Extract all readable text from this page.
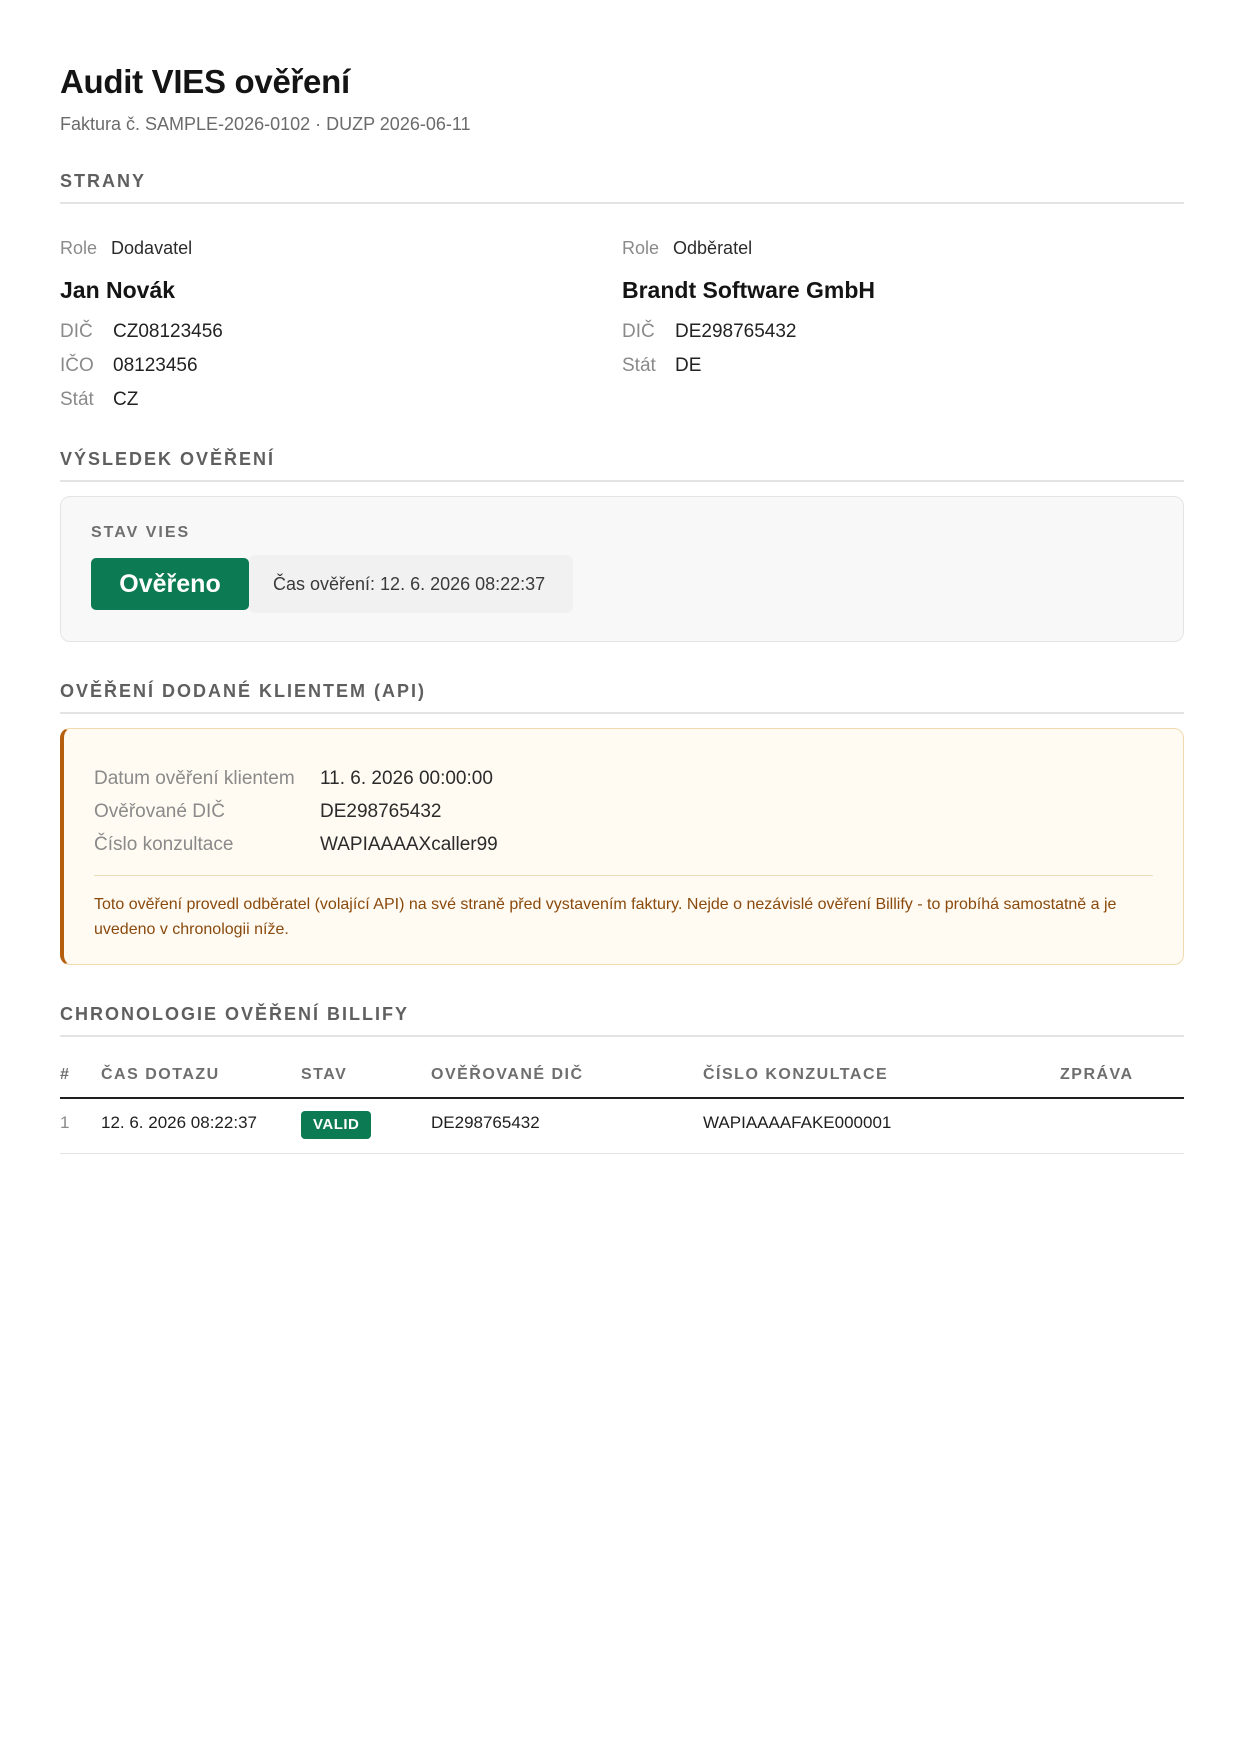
Audit VIES ověření
Faktura č. SAMPLE-2026-0102 · DUZP 2026-06-11
STRANY
Role Dodavatel
Jan Novák
DIČ	CZ08123456
IČO	08123456
Stát	CZ
Role Odběratel
Brandt Software GmbH
DIČ	DE298765432
Stát	DE
VÝSLEDEK OVĚŘENÍ
STAV VIES
Ověřeno	Čas ověření: 12. 6. 2026 08:22:37
OVĚŘENÍ DODANÉ KLIENTEM (API)
Datum ověření klientem	11. 6. 2026 00:00:00
Ověřované DIČ	DE298765432
Číslo konzultace	WAPIAAAAXcaller99
Toto ověření provedl odběratel (volající API) na své straně před vystavením faktury. Nejde o nezávislé ověření Billify - to probíhá samostatně a je uvedeno v chronologii níže.
CHRONOLOGIE OVĚŘENÍ BILLIFY
#	ČAS DOTAZU	STAV	OVĚŘOVANÉ DIČ	ČÍSLO KONZULTACE	ZPRÁVA
1	12. 6. 2026 08:22:37	VALID	DE298765432	WAPIAAAAFAKE000001	
